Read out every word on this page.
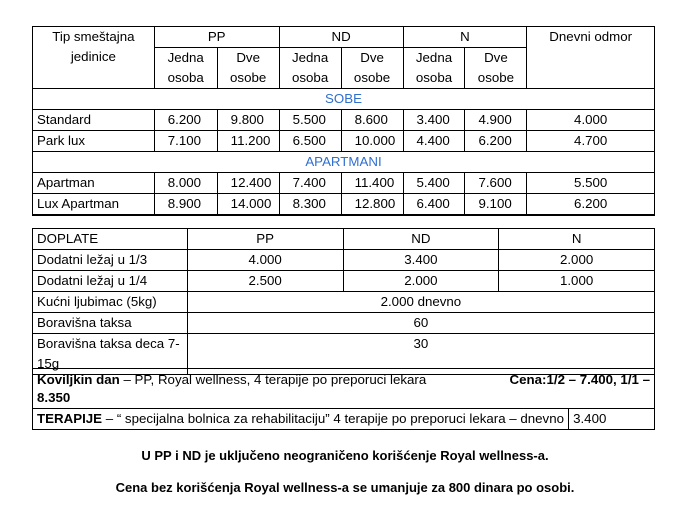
Tip smeštajna jedinice	PP		ND		N		Dnevni odmor
	Jedna osoba	Dve osobe	Jedna osoba	Dve osobe	Jedna osoba	Dve osobe	
SOBE							
Standard	6.200	9.800	5.500	8.600	3.400	4.900	4.000
Park lux	7.100	11.200	6.500	10.000	4.400	6.200	4.700
APARTMANI							
Apartman	8.000	12.400	7.400	11.400	5.400	7.600	5.500
Lux Apartman	8.900	14.000	8.300	12.800	6.400	9.100	6.200

DOPLATE	PP	ND	N
Dodatni ležaj u 1/3	4.000	3.400	2.000
Dodatni ležaj u 1/4	2.500	2.000	1.000
Kućni ljubimac (5kg)	2.000 dnevno		
Boravišna taksa	60		
Boravišna taksa deca 7-15g	30		
Koviljkin dan – PP, Royal wellness, 4 terapije po preporuci lekara	Cena:1/2 – 7.400, 1/1 –
8.350
TERAPIJE – “ specijalna bolnica za rehabilitaciju” 4 terapije po preporuci lekara – dnevno	3.400
U PP i ND je uključeno neograničeno korišćenje Royal wellness-a.
Cena bez korišćenja Royal wellness-a se umanjuje za 800 dinara po osobi.
